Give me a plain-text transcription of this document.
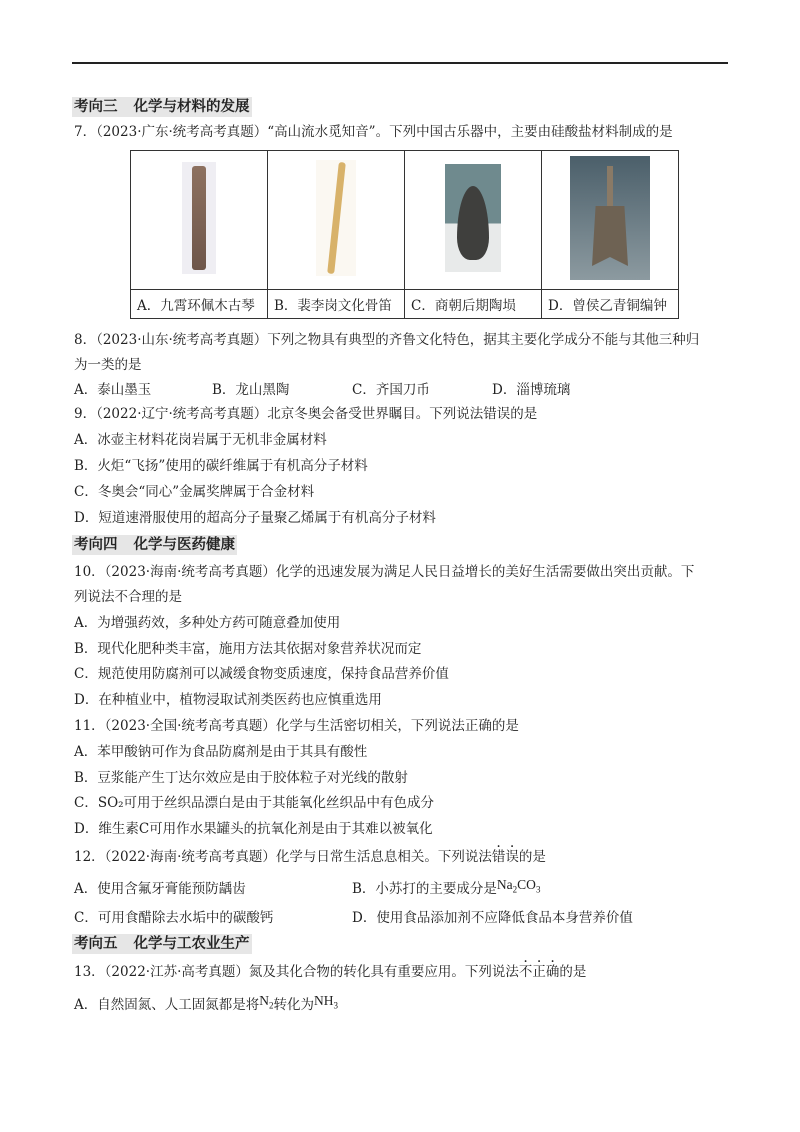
考向三 化学与材料的发展
7．（2023·广东·统考高考真题）“高山流水觅知音”。下列中国古乐器中，主要由硅酸盐材料制成的是

A．九霄环佩木古琴	B．裴李岗文化骨笛	C．商朝后期陶埙	D．曾侯乙青铜编钟
8．（2023·山东·统考高考真题）下列之物具有典型的齐鲁文化特色，据其主要化学成分不能与其他三种归
为一类的是
A．泰山墨玉	B．龙山黑陶	C．齐国刀币	D．淄博琉璃
9．（2022·辽宁·统考高考真题）北京冬奥会备受世界瞩目。下列说法错误的是
A．冰壶主材料花岗岩属于无机非金属材料
B．火炬“飞扬”使用的碳纤维属于有机高分子材料
C．冬奥会“同心”金属奖牌属于合金材料
D．短道速滑服使用的超高分子量聚乙烯属于有机高分子材料
考向四 化学与医药健康
10．（2023·海南·统考高考真题）化学的迅速发展为满足人民日益增长的美好生活需要做出突出贡献。下
列说法不合理的是
A．为增强药效，多种处方药可随意叠加使用
B．现代化肥种类丰富，施用方法其依据对象营养状况而定
C．规范使用防腐剂可以减缓食物变质速度，保持食品营养价值
D．在种植业中，植物浸取试剂类医药也应慎重选用
11．（2023·全国·统考高考真题）化学与生活密切相关，下列说法正确的是
A．苯甲酸钠可作为食品防腐剂是由于其具有酸性
B．豆浆能产生丁达尔效应是由于胶体粒子对光线的散射
C．SO₂可用于丝织品漂白是由于其能氧化丝织品中有色成分
D．维生素C可用作水果罐头的抗氧化剂是由于其难以被氧化
12．（2022·海南·统考高考真题）化学与日常生活息息相关。下列说法错误的是
A．使用含氟牙膏能预防龋齿	B．小苏打的主要成分是$Na_2CO_3$
C．可用食醋除去水垢中的碳酸钙	D．使用食品添加剂不应降低食品本身营养价值
考向五 化学与工农业生产
13．（2022·江苏·高考真题）氮及其化合物的转化具有重要应用。下列说法不正确的是
A．自然固氮、人工固氮都是将$N_2$转化为$NH_3$
